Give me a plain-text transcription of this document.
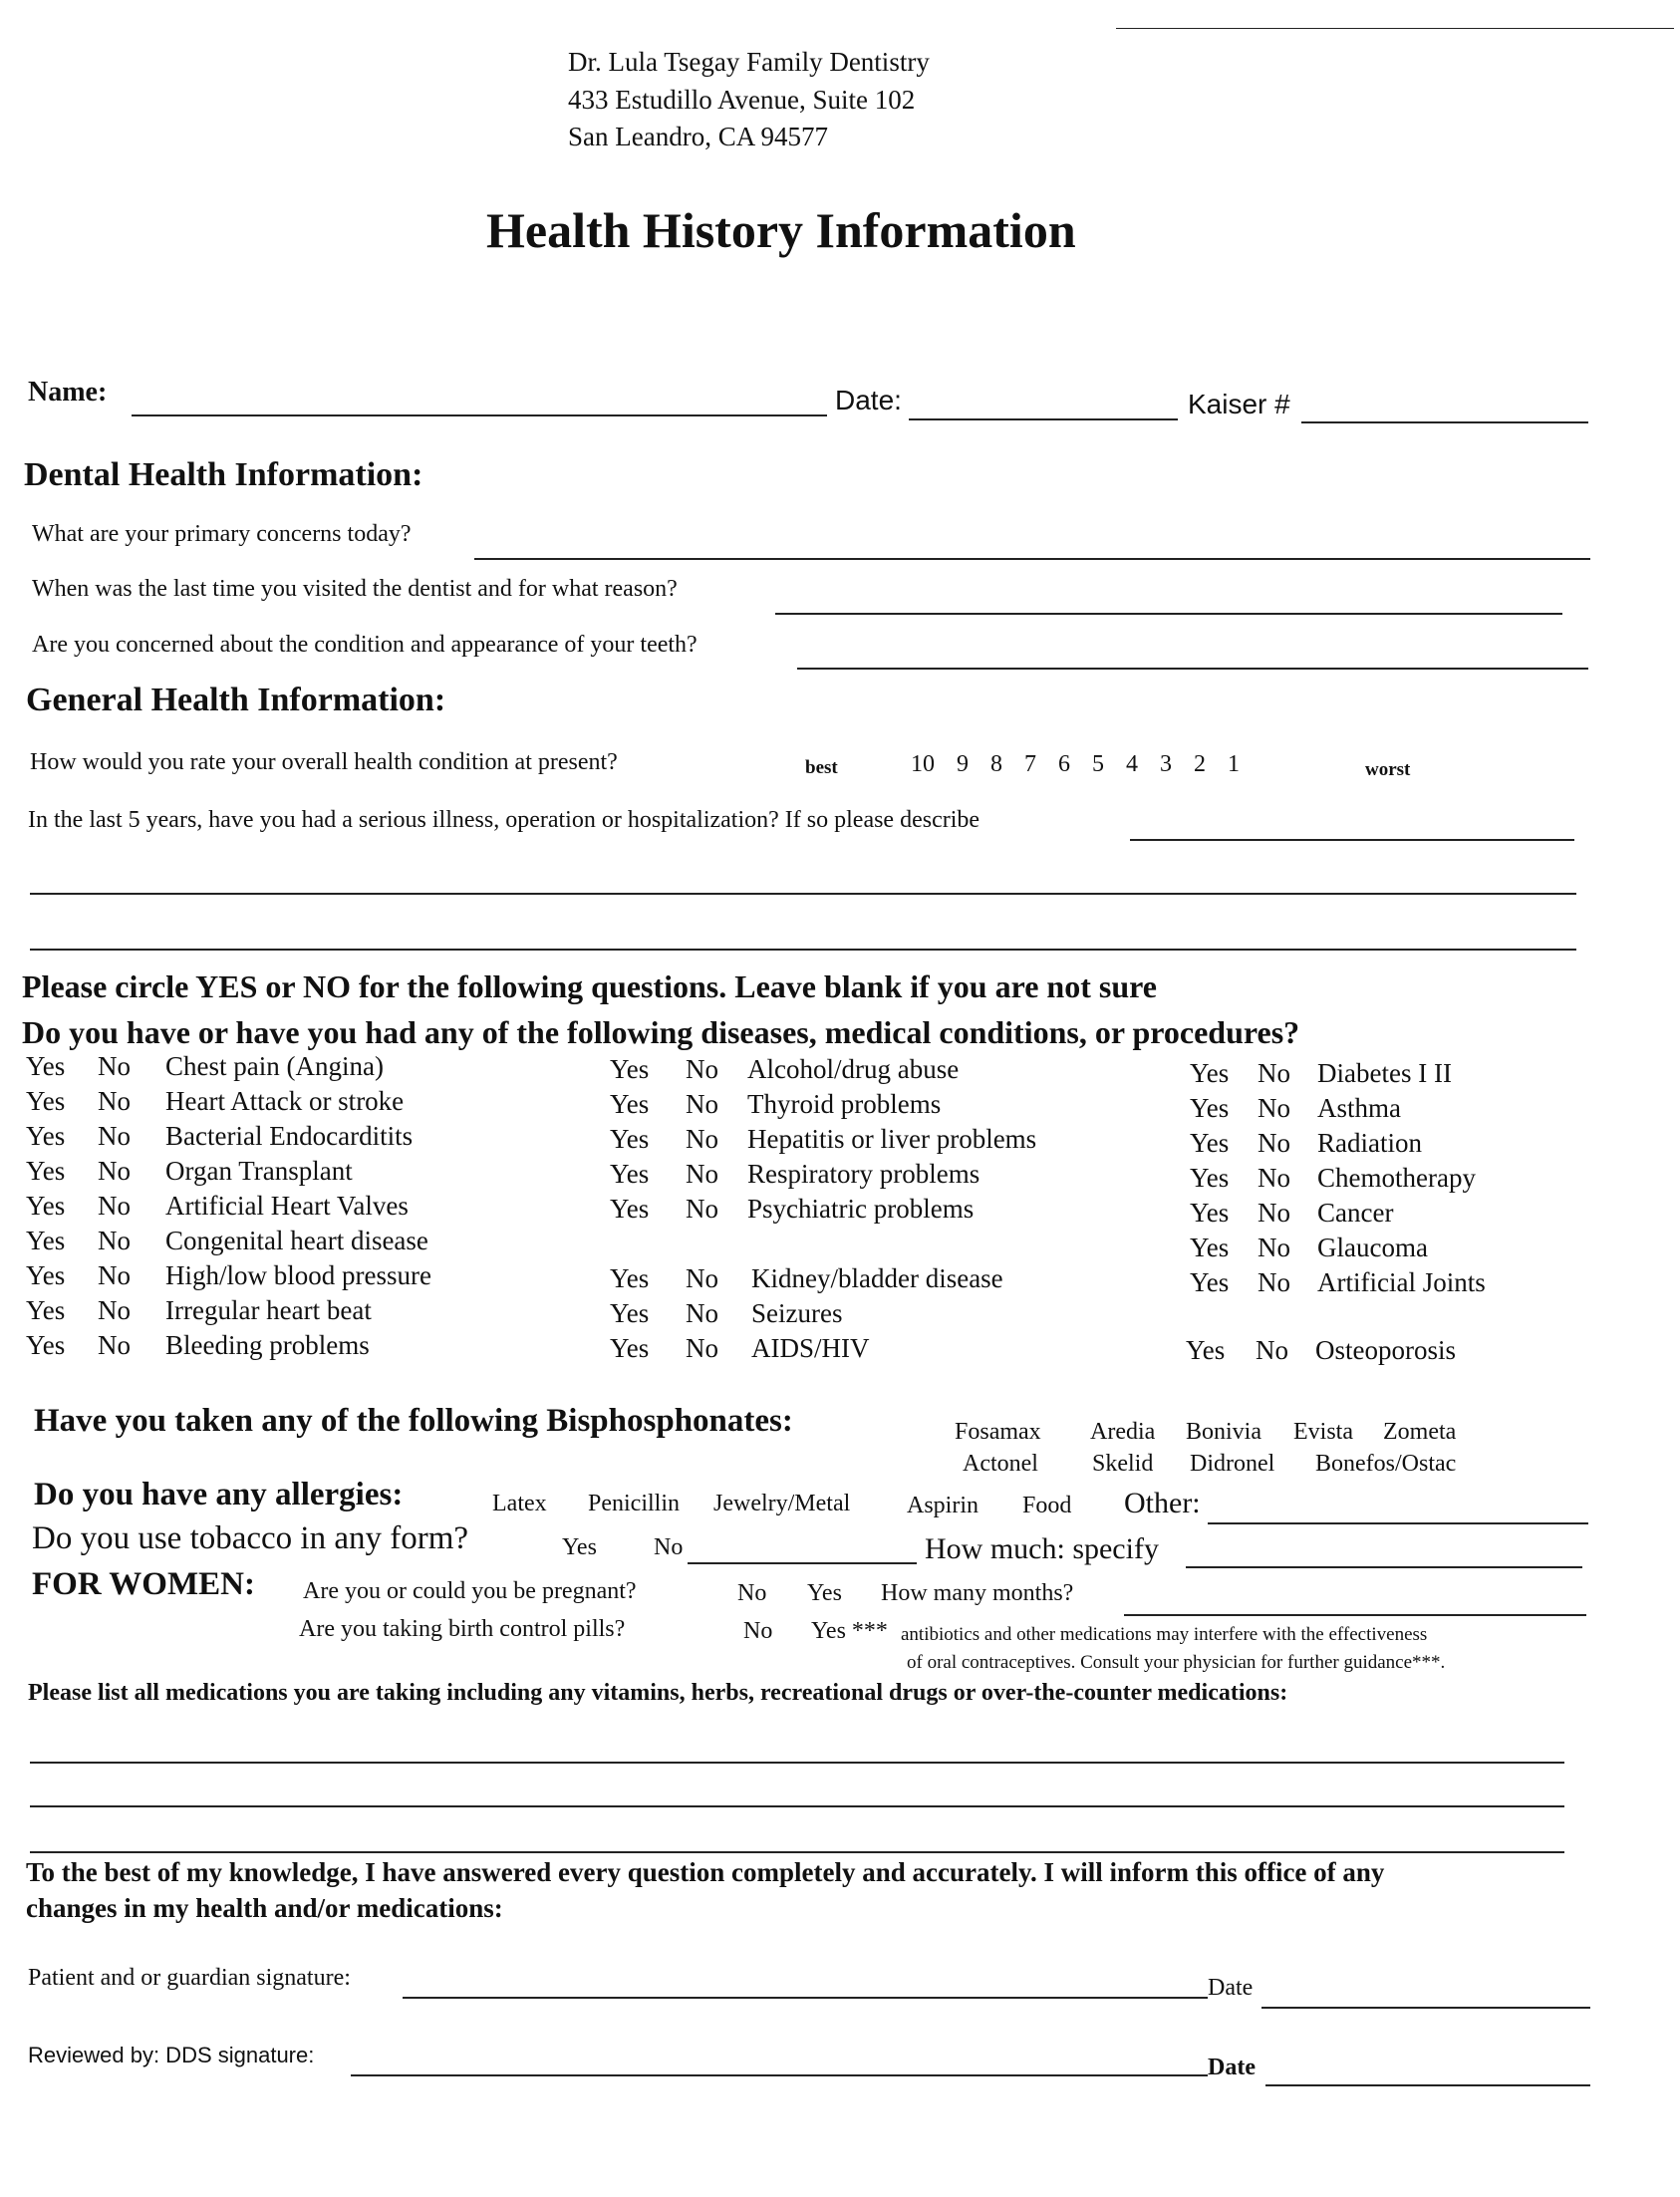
Dr. Lula Tsegay Family Dentistry
433 Estudillo Avenue, Suite 102
San Leandro, CA 94577
Health History Information
Name:	Date:	Kaiser #
Dental Health Information:
What are your primary concerns today?
When was the last time you visited the dentist and for what reason?
Are you concerned about the condition and appearance of your teeth?
General Health Information:
How would you rate your overall health condition at present?	best	10 9 8 7 6 5 4 3 2 1	worst
In the last 5 years, have you had a serious illness, operation or hospitalization? If so please describe
Please circle YES or NO for the following questions. Leave blank if you are not sure
Do you have or have you had any of the following diseases, medical conditions, or procedures?
Yes No Chest pain (Angina)
Yes No Heart Attack or stroke
Yes No Bacterial Endocarditits
Yes No Organ Transplant
Yes No Artificial Heart Valves
Yes No Congenital heart disease
Yes No High/low blood pressure
Yes No Irregular heart beat
Yes No Bleeding problems
Yes No Alcohol/drug abuse
Yes No Thyroid problems
Yes No Hepatitis or liver problems
Yes No Respiratory problems
Yes No Psychiatric problems
Yes No Kidney/bladder disease
Yes No Seizures
Yes No AIDS/HIV
Yes No Diabetes I II
Yes No Asthma
Yes No Radiation
Yes No Chemotherapy
Yes No Cancer
Yes No Glaucoma
Yes No Artificial Joints
Yes No Osteoporosis
Have you taken any of the following Bisphosphonates:	Fosamax Aredia Bonivia Evista Zometa
Actonel Skelid Didronel Bonefos/Ostac
Do you have any allergies:	Latex Penicillin Jewelry/Metal Aspirin Food Other:
Do you use tobacco in any form?	Yes No	How much: specify
FOR WOMEN: Are you or could you be pregnant?	No Yes How many months?
Are you taking birth control pills?	No Yes *** antibiotics and other medications may interfere with the effectiveness
of oral contraceptives. Consult your physician for further guidance***.
Please list all medications you are taking including any vitamins, herbs, recreational drugs or over-the-counter medications:
To the best of my knowledge, I have answered every question completely and accurately. I will inform this office of any
changes in my health and/or medications:
Patient and or guardian signature:	Date
Reviewed by: DDS signature:	Date
